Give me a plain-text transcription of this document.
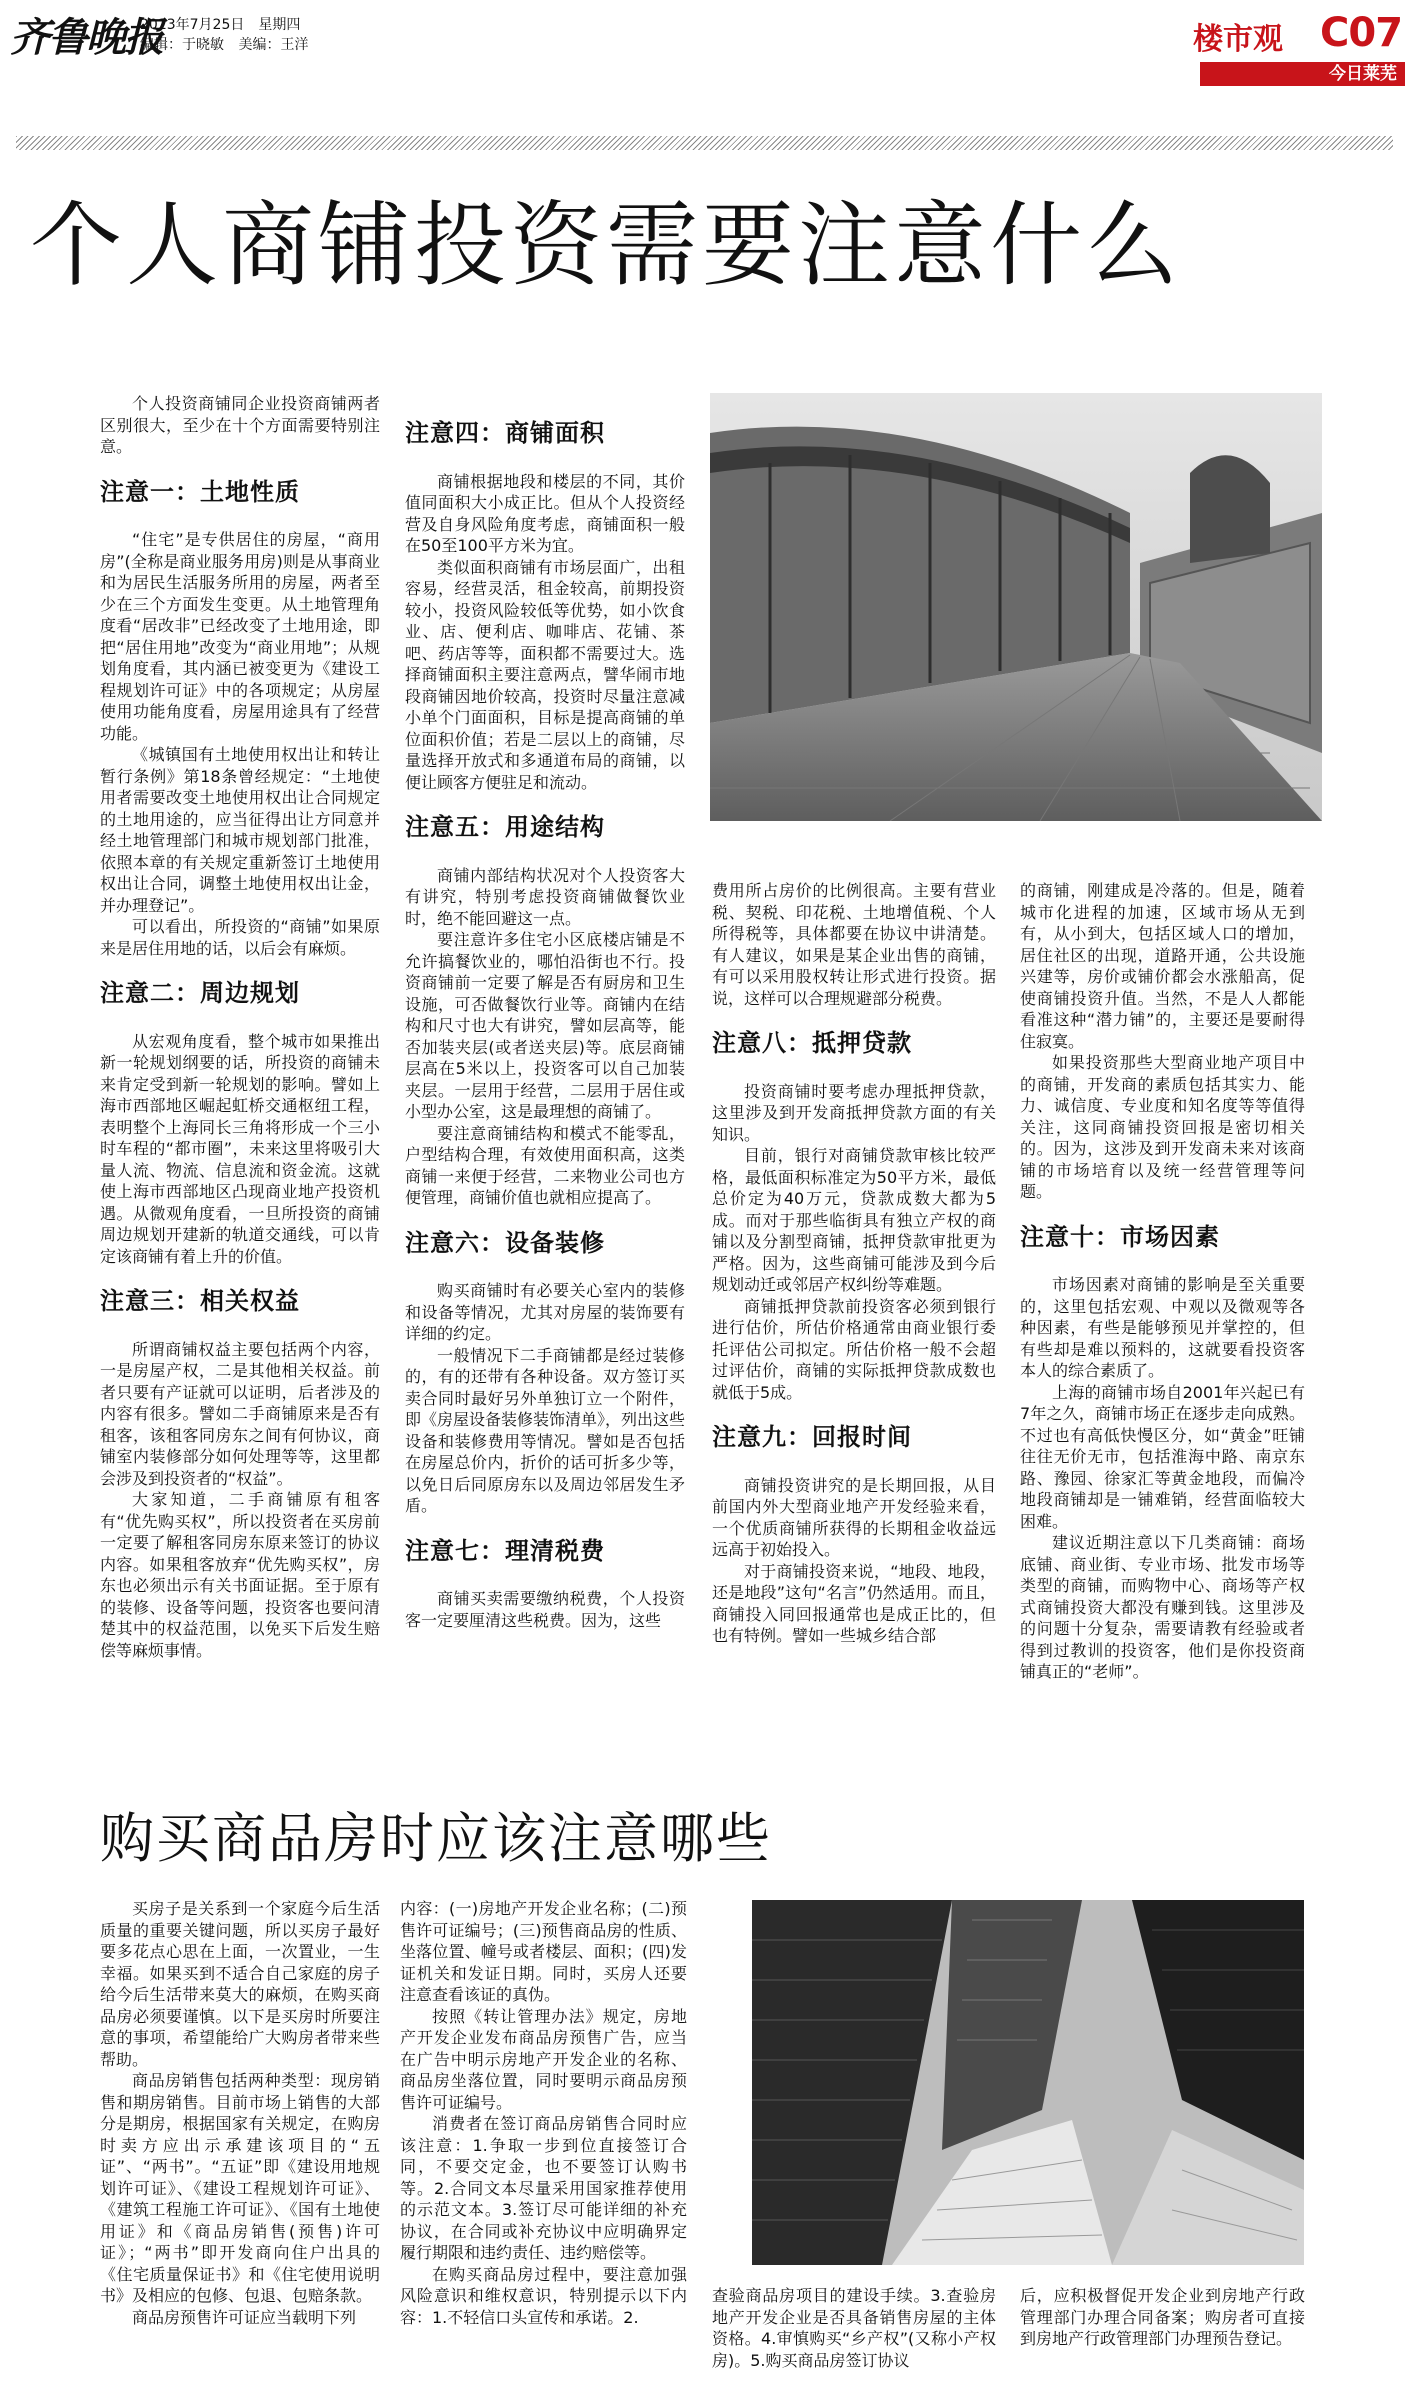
齐鲁晚报
2013年7月25日　星期四
编辑：于晓敏 美编：王洋	楼市观 C07
今日莱芜
个人商铺投资需要注意什么

个人投资商铺同企业投资商铺两者区别很大，至少在十个方面需要特别注意。

注意一：土地性质

“住宅”是专供居住的房屋，“商用房”(全称是商业服务用房)则是从事商业和为居民生活服务所用的房屋，两者至少在三个方面发生变更。从土地管理角度看“居改非”已经改变了土地用途，即把“居住用地”改变为“商业用地”；从规划角度看，其内涵已被变更为《建设工程规划许可证》中的各项规定；从房屋使用功能角度看，房屋用途具有了经营功能。

《城镇国有土地使用权出让和转让暂行条例》第18条曾经规定：“土地使用者需要改变土地使用权出让合同规定的土地用途的，应当征得出让方同意并经土地管理部门和城市规划部门批准，依照本章的有关规定重新签订土地使用权出让合同，调整土地使用权出让金，并办理登记”。

可以看出，所投资的“商铺”如果原来是居住用地的话，以后会有麻烦。

注意二：周边规划

从宏观角度看，整个城市如果推出新一轮规划纲要的话，所投资的商铺未来肯定受到新一轮规划的影响。譬如上海市西部地区崛起虹桥交通枢纽工程，表明整个上海同长三角将形成一个三小时车程的“都市圈”，未来这里将吸引大量人流、物流、信息流和资金流。这就使上海市西部地区凸现商业地产投资机遇。从微观角度看，一旦所投资的商铺周边规划开建新的轨道交通线，可以肯定该商铺有着上升的价值。

注意三：相关权益

所谓商铺权益主要包括两个内容，一是房屋产权，二是其他相关权益。前者只要有产证就可以证明，后者涉及的内容有很多。譬如二手商铺原来是否有租客，该租客同房东之间有何协议，商铺室内装修部分如何处理等等，这里都会涉及到投资者的“权益”。

大家知道，二手商铺原有租客有“优先购买权”，所以投资者在买房前一定要了解租客同房东原来签订的协议内容。如果租客放弃“优先购买权”，房东也必须出示有关书面证据。至于原有的装修、设备等问题，投资客也要问清楚其中的权益范围，以免买下后发生赔偿等麻烦事情。

注意四：商铺面积

商铺根据地段和楼层的不同，其价值同面积大小成正比。但从个人投资经营及自身风险角度考虑，商铺面积一般在50至100平方米为宜。

类似面积商铺有市场层面广，出租容易，经营灵活，租金较高，前期投资较小，投资风险较低等优势，如小饮食业、店、便利店、咖啡店、花铺、茶吧、药店等等，面积都不需要过大。选择商铺面积主要注意两点，譬华闹市地段商铺因地价较高，投资时尽量注意减小单个门面面积，目标是提高商铺的单位面积价值；若是二层以上的商铺，尽量选择开放式和多通道布局的商铺，以便让顾客方便驻足和流动。

注意五：用途结构

商铺内部结构状况对个人投资客大有讲究，特别考虑投资商铺做餐饮业时，绝不能回避这一点。

要注意许多住宅小区底楼店铺是不允许搞餐饮业的，哪怕沿街也不行。投资商铺前一定要了解是否有厨房和卫生设施，可否做餐饮行业等。商铺内在结构和尺寸也大有讲究，譬如层高等，能否加装夹层(或者送夹层)等。底层商铺层高在5米以上，投资客可以自己加装夹层。一层用于经营，二层用于居住或小型办公室，这是最理想的商铺了。

要注意商铺结构和模式不能零乱，户型结构合理，有效使用面积高，这类商铺一来便于经营，二来物业公司也方便管理，商铺价值也就相应提高了。

注意六：设备装修

购买商铺时有必要关心室内的装修和设备等情况，尤其对房屋的装饰要有详细的约定。

一般情况下二手商铺都是经过装修的，有的还带有各种设备。双方签订买卖合同时最好另外单独订立一个附件，即《房屋设备装修装饰清单》，列出这些设备和装修费用等情况。譬如是否包括在房屋总价内，折价的话可折多少等，以免日后同原房东以及周边邻居发生矛盾。

注意七：理清税费

商铺买卖需要缴纳税费，个人投资客一定要厘清这些税费。因为，这些

费用所占房价的比例很高。主要有营业税、契税、印花税、土地增值税、个人所得税等，具体都要在协议中讲清楚。有人建议，如果是某企业出售的商铺，有可以采用股权转让形式进行投资。据说，这样可以合理规避部分税费。

注意八：抵押贷款

投资商铺时要考虑办理抵押贷款，这里涉及到开发商抵押贷款方面的有关知识。

目前，银行对商铺贷款审核比较严格，最低面积标准定为50平方米，最低总价定为40万元，贷款成数大都为5成。而对于那些临街具有独立产权的商铺以及分割型商铺，抵押贷款审批更为严格。因为，这些商铺可能涉及到今后规划动迁或邻居产权纠纷等难题。

商铺抵押贷款前投资客必须到银行进行估价，所估价格通常由商业银行委托评估公司拟定。所估价格一般不会超过评估价，商铺的实际抵押贷款成数也就低于5成。

注意九：回报时间

商铺投资讲究的是长期回报，从目前国内外大型商业地产开发经验来看，一个优质商铺所获得的长期租金收益远远高于初始投入。

对于商铺投资来说，“地段、地段，还是地段”这句“名言”仍然适用。而且，商铺投入同回报通常也是成正比的，但也有特例。譬如一些城乡结合部

的商铺，刚建成是冷落的。但是，随着城市化进程的加速，区域市场从无到有，从小到大，包括区域人口的增加，居住社区的出现，道路开通，公共设施兴建等，房价或铺价都会水涨船高，促使商铺投资升值。当然，不是人人都能看准这种“潜力铺”的，主要还是要耐得住寂寞。

如果投资那些大型商业地产项目中的商铺，开发商的素质包括其实力、能力、诚信度、专业度和知名度等等值得关注，这同商铺投资回报是密切相关的。因为，这涉及到开发商未来对该商铺的市场培育以及统一经营管理等问题。

注意十：市场因素

市场因素对商铺的影响是至关重要的，这里包括宏观、中观以及微观等各种因素，有些是能够预见并掌控的，但有些却是难以预料的，这就要看投资客本人的综合素质了。

上海的商铺市场自2001年兴起已有7年之久，商铺市场正在逐步走向成熟。不过也有高低快慢区分，如“黄金”旺铺往往无价无市，包括淮海中路、南京东路、豫园、徐家汇等黄金地段，而偏冷地段商铺却是一铺难销，经营面临较大困难。

建议近期注意以下几类商铺：商场底铺、商业街、专业市场、批发市场等类型的商铺，而购物中心、商场等产权式商铺投资大都没有赚到钱。这里涉及的问题十分复杂，需要请教有经验或者得到过教训的投资客，他们是你投资商铺真正的“老师”。

购买商品房时应该注意哪些

买房子是关系到一个家庭今后生活质量的重要关键问题，所以买房子最好要多花点心思在上面，一次置业，一生幸福。如果买到不适合自己家庭的房子给今后生活带来莫大的麻烦，在购买商品房必须要谨慎。以下是买房时所要注意的事项，希望能给广大购房者带来些帮助。

商品房销售包括两种类型：现房销售和期房销售。目前市场上销售的大部分是期房，根据国家有关规定，在购房时卖方应出示承建该项目的“五证”、“两书”。“五证”即《建设用地规划许可证》、《建设工程规划许可证》、《建筑工程施工许可证》、《国有土地使用证》和《商品房销售(预售)许可证》；“两书”即开发商向住户出具的《住宅质量保证书》和《住宅使用说明书》及相应的包修、包退、包赔条款。

商品房预售许可证应当载明下列

内容：(一)房地产开发企业名称；(二)预售许可证编号；(三)预售商品房的性质、坐落位置、幢号或者楼层、面积；(四)发证机关和发证日期。同时，买房人还要注意查看该证的真伪。

按照《转让管理办法》规定，房地产开发企业发布商品房预售广告，应当在广告中明示房地产开发企业的名称、商品房坐落位置，同时要明示商品房预售许可证编号。

消费者在签订商品房销售合同时应该注意：1.争取一步到位直接签订合同，不要交定金，也不要签订认购书等。2.合同文本尽量采用国家推荐使用的示范文本。3.签订尽可能详细的补充协议，在合同或补充协议中应明确界定履行期限和违约责任、违约赔偿等。

在购买商品房过程中，要注意加强风险意识和维权意识，特别提示以下内容：1.不轻信口头宣传和承诺。2.

查验商品房项目的建设手续。3.查验房地产开发企业是否具备销售房屋的主体资格。4.审慎购买“乡产权”(又称小产权房)。5.购买商品房签订协议

后，应积极督促开发企业到房地产行政管理部门办理合同备案；购房者可直接到房地产行政管理部门办理预告登记。
